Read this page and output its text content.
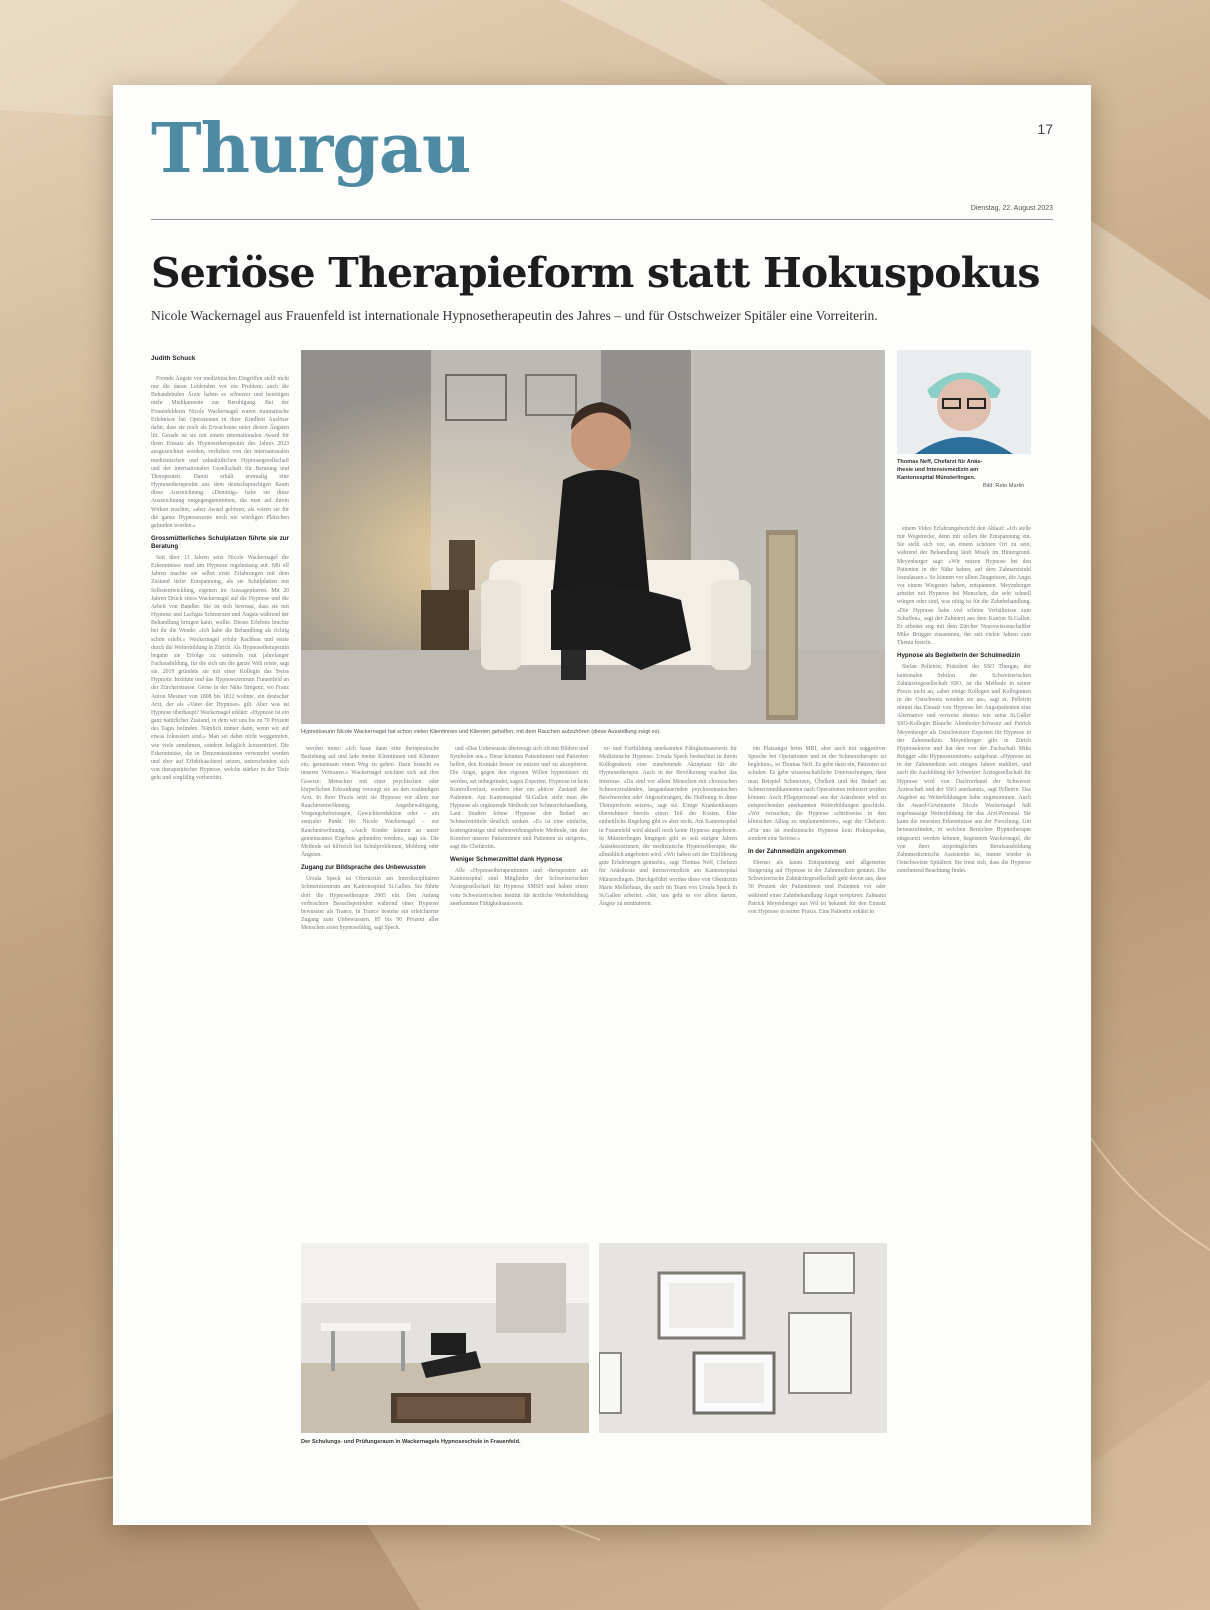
Thurgau	17
Dienstag, 22. August 2023
Seriöse Therapieform statt Hokuspokus
Nicole Wackernagel aus Frauenfeld ist internationale Hypnosetherapeutin des Jahres – und für Ostschweizer Spitäler eine Vorreiterin.
Judith Schuck

Fremde Ängste vor medizinischen Eingriffen stellt nicht nur die daran Leidenden vor ein Problem; auch die Behandelnden Ärzte haben es schwerer und benötigen mehr Medikamente zur Beruhigung. Bei der Frauenfelderin Nicole Wackernagel waren traumatische Erlebnisse bei Operationen in ihrer Kindheit Auslöser dafür, dass sie noch als Erwachsene unter diesen Ängsten litt. Gerade ist sie mit einem internationalen Award für ihren Einsatz als Hypnosetherapeutin des Jahres 2023 ausgezeichnet worden, verliehen von der internationalen medizinischen und zahnärztlichen Hypnosegesellschaft und der internationalen Gesellschaft für Beratung und Therapeuten. Damit erhält erstmalig eine Hypnosetherapeutin aus dem deutschsprachigen Raum diese Auszeichnung. «Demütig» habe sie diese Auszeichnung entgegengenommen, die man auf ihrem Wirken erachtet, «aber Award gehören, als wären sie für die ganze Hypnoseszene noch nie würdigen Plätzchen gefunden worden.»

Grossmütterliches Schulplatzen führte sie zur Beratung

Seit über 13 Jahren setzt Nicole Wackernagel die Erkenntnisse rund um Hypnose regelmässig auf. Mit elf Jahren machte sie selbst erste Erfahrungen mit dem Zustand tiefer Entspannung, als sie Schulplatten mit Selbstentwicklung, eigenen im Aussagepfarren. Mit 20 Jahren Druck stiess Wackernagel auf die Hypnose und die Arbeit von Bandler. Sie ist sich bewusst, dass sie mit Hypnose und Lachgas Schmerzen und Ängste während der Behandlung bringen kann, wollte. Dieses Erlebnis brachte bei ihr die Wende: «Ich habe die Behandlung als richtig schön erlebt.» Wackernagel erfuhr Rachbau und reiste durch die Weiterbildung in Zürich. Als Hypnosetherapeutin begann sie Erfolge zu sammeln mit jahrelanger Fachausbildung, für die sich um die ganze Welt reiste, sagt sie. 2019 gründete sie mit einer Kollegin das Swiss Hypnotic Institute und das Hypnosezentrum Frauenfeld an der Zürcherstrasse. Gerne in der Nähe Bregenz, wo Franz Anton Mesmer von 1808 bis 1812 wohnte, ein deutscher Arzt, der als «Vater der Hypnose» gilt. Aber was ist Hypnose überhaupt? Wackernagel erklärt: «Hypnose ist ein ganz natürlicher Zustand, in dem wir uns bis zu 70 Prozent des Tages befinden. Nämlich immer dann, wenn wir auf etwas fokussiert sind.» Man sei dabei nicht weggetreten, wie viele annehmen, sondern lediglich konzentriert. Die Erkenntnisse, die in Demonstrationen verwendet werden und eher auf Effekthascherei setzen, unterscheiden sich von therapeutischer Hypnose, welche stärker in der Tiefe geht und sorgfältig vorbereitet.

Hypnotiseurin Nicole Wackernagel hat schon vielen Klientinnen und Klienten geholfen, mit dem Rauchen aufzuhören (diese Ausstellung zeigt es).
Thomas Neff, Chefarzt für Anäs-
thesie und Intensivmedizin am
Kantonsspital Münsterlingen.
Bild: Reto Martin

einem Video Erfahrungsbericht den Ablauf: «Ich stelle mir Wegstrecke, denn mir sollen die Entspannung ein. Sie stellt sich vor, an einem schönen Ort zu sein, während der Behandlung läuft Musik im Hintergrund. Meyenberger sagt: «Wir nutzen Hypnose bei den Patienten in der Nähe haben, auf dem Zahnarztstuhl loszulassen.» So können vor allem Zeugnissen, die Angst vor einem Wiegenes haben, entspannen. Meyenberger arbeitet mit Hypnose bei Menschen, die sehr schnell würgen oder sind, was nötig ist für die Zahnbehandlung. «Die Hypnose habe viel schöne Verhältnisse zum Schaffen», sagt der Zahnarzt aus dem Kanton St.Gallen. Er arbeitet eng mit dem Zürcher Neurowissenschaftler Mike Brügger zusammen, der seit vielen Jahren zum Thema forscht.

Hypnose als Begleiterin der Schulmedizin

Stefan Pelletrin, Präsident der SSO Thurgau, der kantonalen Sektion der Schweizerischen Zahnärztegesellschaft SSO, ist die Methode in seiner Praxis nicht an, «aber einige Kollegen und Kolleginnen in der Ostschweiz wenden sie an», sagt er. Pelletrin nimmt das Einsatz von Hypnose bei Angstpatienten eine Alternative und verweist ebenso wie seine St.Galler SSO-Kollegin Blanche Altenhofer-Schwarz auf Patrick Meyenberger als Ostschweizer Experten für Hypnose in der Zahnmedizin. Meyenberger gibt in Zürich Hypnosekurse und hat den von der Fachschaft Mike Brügger «die Hypnosezentrum» aufgebaut. «Hypnose ist in der Zahnmedizin seit einigen Jahren etabliert, und auch die Ausbildung der Schweizer Ärztegesellschaft für Hypnose wird von Dachverband der Schweizer Ärzteschaft und der SSO anerkannt», sagt Pelletrin. Das Angebot an Weiterbildungen habe zugenommen. Auch die Award-Gewinnerin Nicole Wackernagel hält regelmässige Weiterbildung für das Arzt-Personal. Sie kann die neuesten Erkenntnisse aus der Forschung. Um herauszufinden, in welchen Bereichen Hypnotherapie eingesetzt werden können, begeistern Wackernagel, die von ihrer ursprünglichen Berufsausbildung Zahnmedizinische Assistentin ist, immer wieder in Ostschweizer Spitälern. Sie freut sich, dass die Hypnose zunehmend Beachtung findet.

werden muss: «Ich baue dann eine therapeutische Beziehung auf und lade meine Klientinnen und Klienten ein, gemeinsam einen Weg zu gehen. Dazu braucht es unseres Vertrauen.» Wackernagel zeichnet sich auf ihre Gesetze: Menschen mit einer psychischen oder körperlichen Erkrankung versorgt sie an den zuständigen Arzt. In ihrer Praxis setzt sie Hypnose vor allem zur Raucherentwöhnung, Angstbewältigung, Vorgangsbefreiungen, Gewichtsreduktion oder – ein zentraler Punkt für Nicole Wackernagel – zur Rauchentwöhnung. «Auch Kinder können an unser gemeinsames Ergebnis gebunden werden», sagt sie. Die Methode sei hilfreich bei Schulproblemen, Mobbing oder Ängsten.

Zugang zur Bildsprache des Unbewussten

Ursula Speck ist Oberärztin am Interdisziplinären Schmerzzentrum am Kantonsspital St.Gallen. Sie führte dort die Hypnosetherapie 2005 ein. Den Anfang verbrachten Besuchsperioden während einer Hypnose bewusster als Trance. In Trance bestehe ein erleichterter Zugang zum Unbewussten. 85 bis 90 Prozent aller Menschen seien hypnosefähig, sagt Speck.

und «Das Unbewusste überzeugt sich oft mit Bildern und Symbolen aus.» Diese könnten Patientinnen und Patienten helfen, den Kontakt besser zu nutzen und zu akzeptieren. Die Angst, gegen den eigenen Willen hypnotisiert zu werden, sei unbegründet, sagen Experten. Hypnose ist kein Kontrollverlust, sondern eher ein aktiver Zustand der Patienten. Am Kantonsspital St.Gallen sieht man die Hypnose als ergänzende Methode zur Schmerzbehandlung. Laut Studien könne Hypnose den Bedarf an Schmerzmitteln deutlich senken. «Es ist eine einfache, kostengünstige und nebenwirkungsfreie Methode, um den Komfort unserer Patientinnen und Patienten zu steigern», sagt die Chefärztin.

Weniger Schmerzmittel dank Hypnose

Alle «Hypnosetherapeutinnen und -therapeuten am Kantonsspital sind Mitglieder der Schweizerischen Ärztegesellschaft für Hypnose SMSH und haben einen vom Schweizerischen Institut für ärztliche Weiterbildung anerkannten Fähigkeitsausweis.

er- und Fortbildung anerkannten Fähigkeitsausweis für Medizinische Hypnose. Ursula Speck beobachtet in ihrem Kollegenkreis eine zunehmende Akzeptanz für die Hypnosetherapie. Auch in der Bevölkerung wachse das Interesse. «Da sind vor allem Menschen mit chronischen Schmerzzuständen, langandauernden psychosomatischen Beschwerden oder Angststörungen, die Hoffnung in diese Therapieform setzen», sagt sie. Einige Krankenkassen übernehmen bereits einen Teil der Kosten. Eine einheitliche Regelung gibt es aber nicht. Am Kantonsspital in Frauenfeld wird aktuell noch keine Hypnose angeboten. In Münsterlingen hingegen gibt es seit einigen Jahren Anästhesistinnen, die medizinische Hypnosetherapie, die allmählich angeboten wird. «Wir haben seit der Einführung gute Erfahrungen gemacht», sagt Thomas Neff, Chefarzt für Anästhesie und Intensivmedizin am Kantonsspital Münsterlingen. Durchgeführt werden diese von Oberärztin Marie Mellerhaus, die auch im Team von Ursula Speck in St.Gallen arbeitet. «Sie, uns geht es vor allem darum, Ängste zu minimieren.

ein Platzangst beim MRI, aber auch mit suggestiver Sprache bei Operationen und in der Schmerztherapie zu begleiten», so Thomas Neff. Es gebe dazu ein, Patienten zu schulen. Es gebe wissenschaftliche Untersuchungen, dass man Beispiel Schmerzen, Übelkeit und der Bedarf an Schmerzmedikamenten nach Operationen reduziert werden können. Auch Pflegepersonal aus der Anästhesie wird zu entsprechenden anerkannten Weiterbildungen geschickt. «Wir versuchen, die Hypnose schrittweise in den klinischen Alltag zu implementieren», sagt der Chefarzt. «Für uns ist medizinische Hypnose kein Hokuspokus, sondern eine Seriöse.»

In der Zahnmedizin angekommen

Ebenso als kaum Entspannung und allgemeine Steigerung auf Hypnose in der Zahnmedizin genutzt. Die Schweizerische Zahnärztegesellschaft geht davon aus, dass 50 Prozent der Patientinnen und Patienten vor oder während einer Zahnbehandlung Angst verspüren. Zahnarzt Patrick Meyenberger aus Wil ist bekannt für den Einsatz von Hypnose in seiner Praxis. Eine Patientin erklärt in

Der Schulungs- und Prüfungsraum in Wackernagels Hypnoseschule in Frauenfeld.
